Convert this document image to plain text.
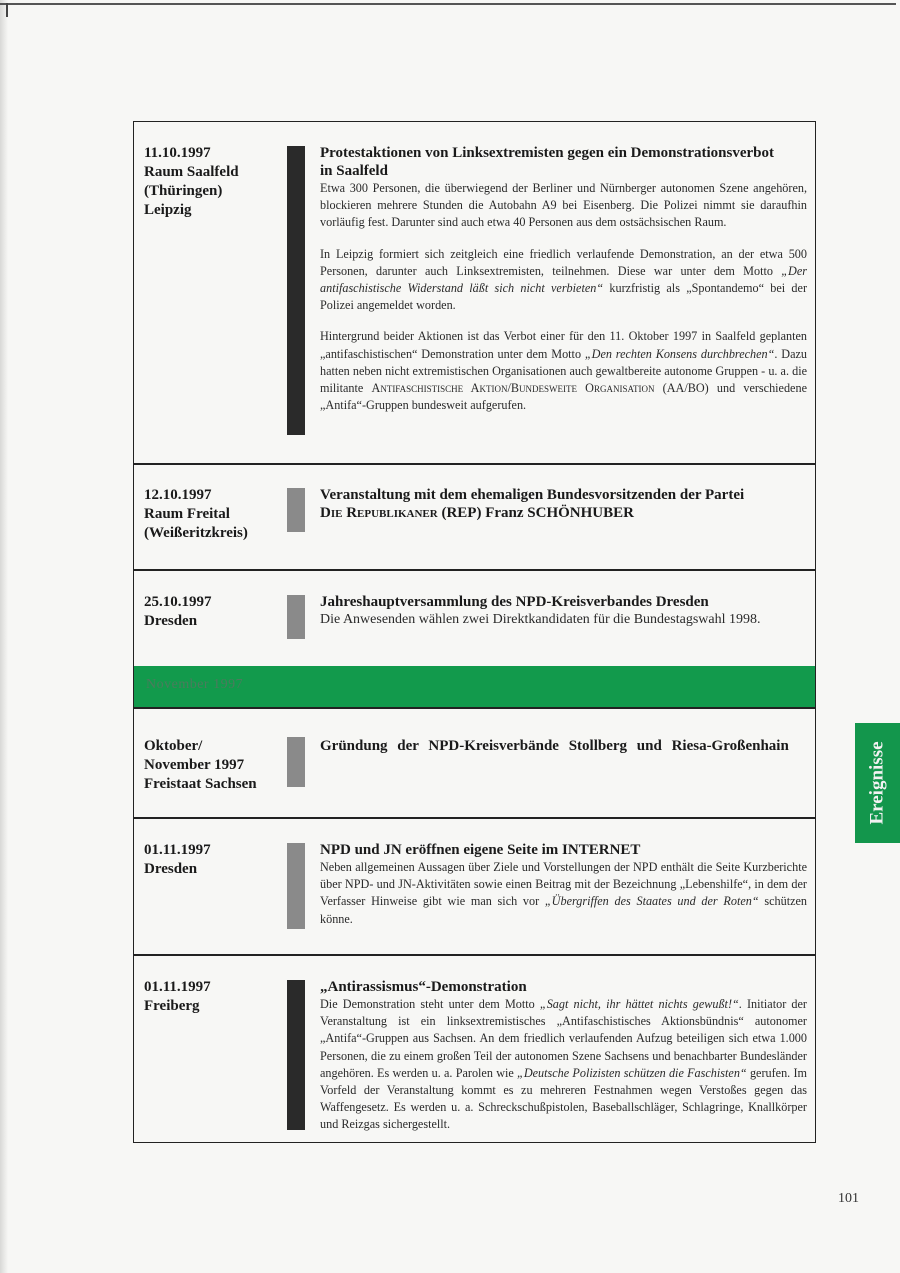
11.10.1997
Raum Saalfeld
(Thüringen)
Leipzig
Protestaktionen von Linksextremisten gegen ein Demonstrationsverbot
in Saalfeld

Etwa 300 Personen, die überwiegend der Berliner und Nürnberger autonomen Szene angehören, blockieren mehrere Stunden die Autobahn A9 bei Eisenberg. Die Polizei nimmt sie daraufhin vorläufig fest. Darunter sind auch etwa 40 Personen aus dem ostsächsischen Raum.

In Leipzig formiert sich zeitgleich eine friedlich verlaufende Demonstration, an der etwa 500 Personen, darunter auch Linksextremisten, teilnehmen. Diese war unter dem Motto „Der antifaschistische Widerstand läßt sich nicht verbieten“ kurzfristig als „Spontandemo“ bei der Polizei angemeldet worden.

Hintergrund beider Aktionen ist das Verbot einer für den 11. Oktober 1997 in Saalfeld geplanten „antifaschistischen“ Demonstration unter dem Motto „Den rechten Konsens durchbrechen“. Dazu hatten neben nicht extremistischen Organisationen auch gewaltbereite autonome Gruppen - u. a. die militante Antifaschistische Aktion/Bundesweite Organisation (AA/BO) und verschiedene „Antifa“-Gruppen bundesweit aufgerufen.

12.10.1997
Raum Freital
(Weißeritzkreis)
Veranstaltung mit dem ehemaligen Bundesvorsitzenden der Partei
Die Republikaner (REP) Franz SCHÖNHUBER
25.10.1997
Dresden
Jahreshauptversammlung des NPD-Kreisverbandes Dresden
Die Anwesenden wählen zwei Direktkandidaten für die Bundestagswahl 1998.
November 1997
Oktober/
November 1997
Freistaat Sachsen
Gründung der NPD-Kreisverbände Stollberg und Riesa-Großenhain
01.11.1997
Dresden
NPD und JN eröffnen eigene Seite im INTERNET
Neben allgemeinen Aussagen über Ziele und Vorstellungen der NPD enthält die Seite Kurzberichte über NPD- und JN-Aktivitäten sowie einen Beitrag mit der Bezeichnung „Lebenshilfe“, in dem der Verfasser Hinweise gibt wie man sich vor „Übergriffen des Staates und der Roten“ schützen könne.
01.11.1997
Freiberg
„Antirassismus“-Demonstration
Die Demonstration steht unter dem Motto „Sagt nicht, ihr hättet nichts gewußt!“. Initiator der Veranstaltung ist ein linksextremistisches „Antifaschistisches Aktionsbündnis“ autonomer „Antifa“-Gruppen aus Sachsen. An dem friedlich verlaufenden Aufzug beteiligen sich etwa 1.000 Personen, die zu einem großen Teil der autonomen Szene Sachsens und benachbarter Bundesländer angehören. Es werden u. a. Parolen wie „Deutsche Polizisten schützen die Faschisten“ gerufen. Im Vorfeld der Veranstaltung kommt es zu mehreren Festnahmen wegen Verstoßes gegen das Waffengesetz. Es werden u. a. Schreckschußpistolen, Baseballschläger, Schlagringe, Knallkörper und Reizgas sichergestellt.
Ereignisse
101
